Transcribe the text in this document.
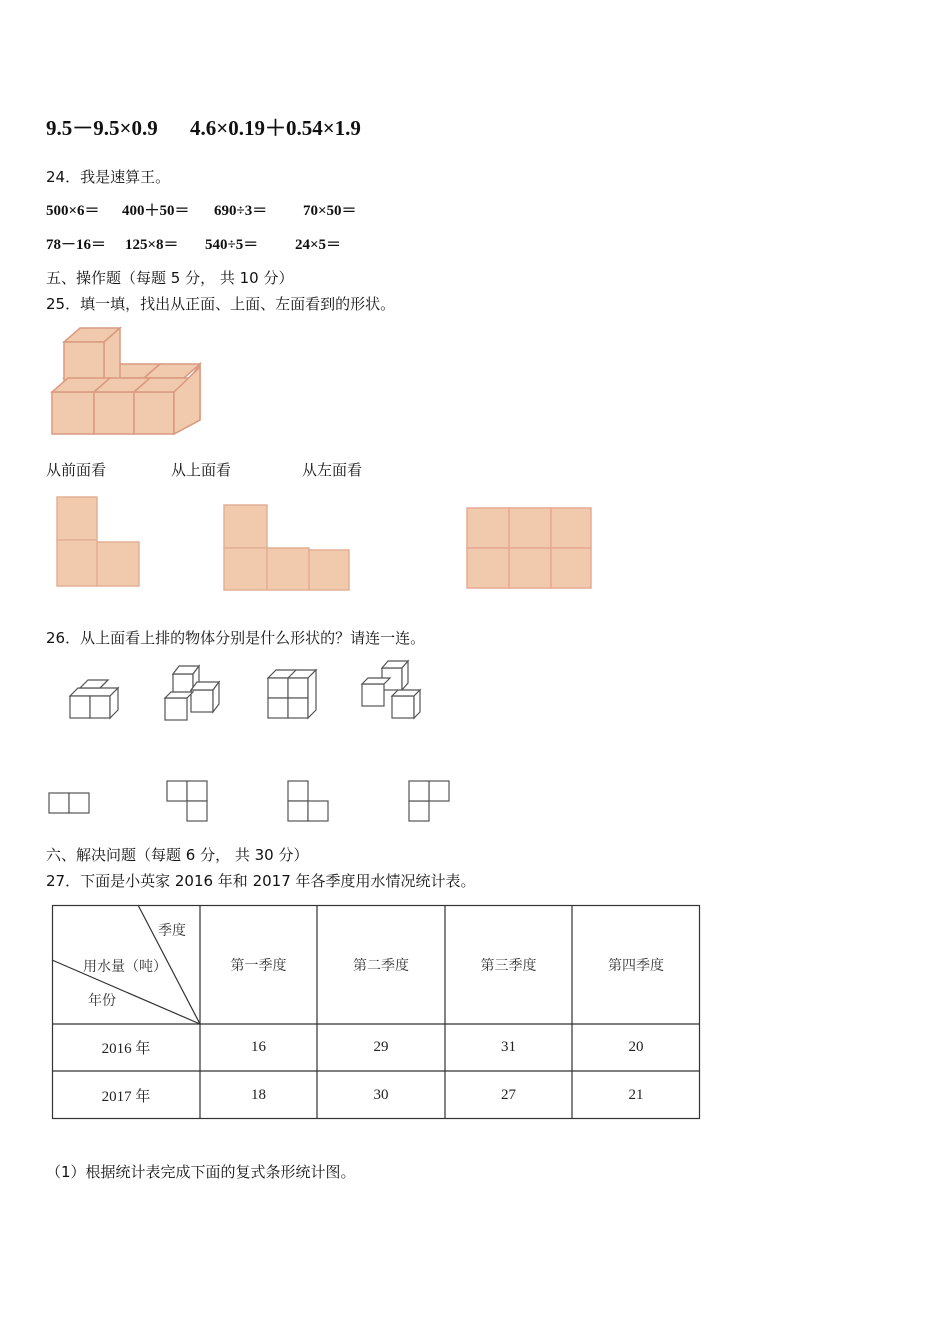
9.5－9.5×0.9 4.6×0.19＋0.54×1.9
24．我是速算王。
500×6＝ 400＋50＝ 690÷3＝ 70×50＝
78－16＝ 125×8＝ 540÷5＝ 24×5＝
五、操作题（每题 5 分， 共 10 分）
25．填一填，找出从正面、上面、左面看到的形状。
从前面看	从上面看	从左面看
26．从上面看上排的物体分别是什么形状的？请连一连。
六、解决问题（每题 6 分， 共 30 分）
27．下面是小英家 2016 年和 2017 年各季度用水情况统计表。
季度
用水量（吨）
年份
第一季度	第二季度	第三季度	第四季度
2016 年	16	29	31	20
2017 年	18	30	27	21
（1）根据统计表完成下面的复式条形统计图。
